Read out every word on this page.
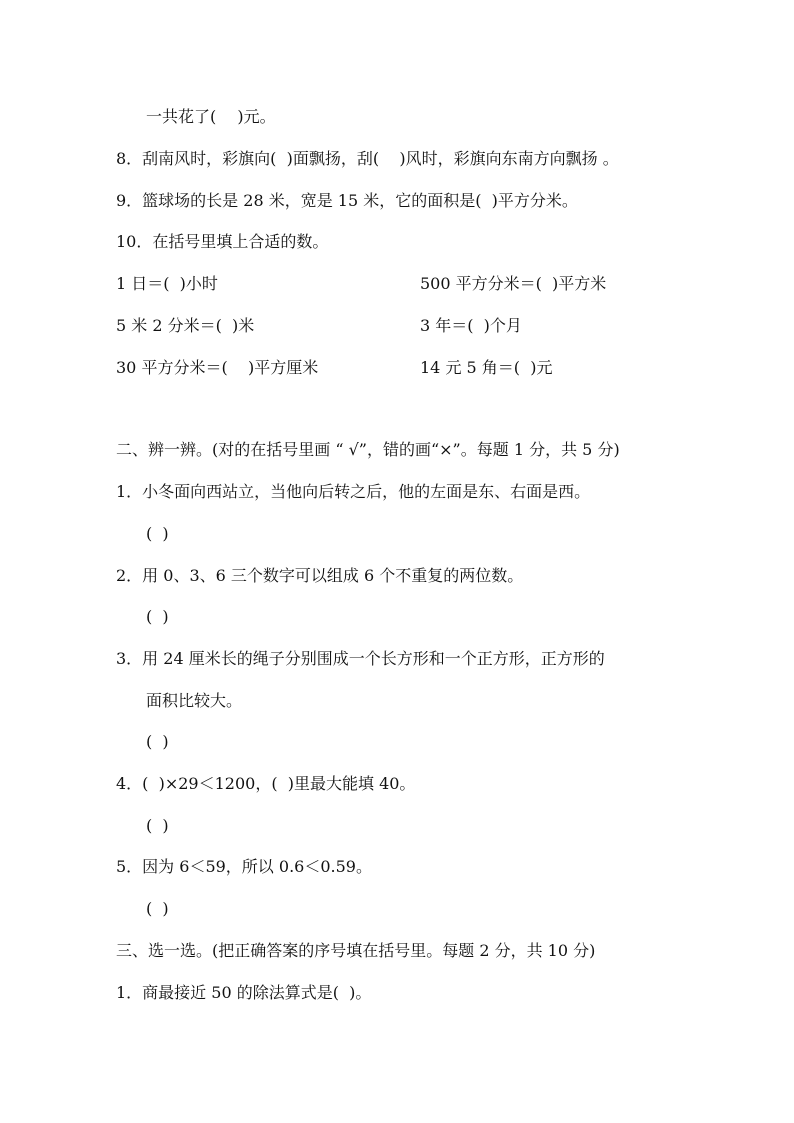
一共花了(　 )元。
8．刮南风时，彩旗向(  )面飘扬，刮(    )风时，彩旗向东南方向飘扬 。
9．篮球场的长是 28 米，宽是 15 米，它的面积是(  )平方分米。
10．在括号里填上合适的数。
1 日＝(  )小时	500 平方分米＝(  )平方米
5 米 2 分米＝(  )米	3 年＝(  )个月
30 平方分米＝(    )平方厘米	14 元 5 角＝(  )元
二、辨一辨。(对的在括号里画 “ √”，错的画“×”。每题 1 分，共 5 分)
1．小冬面向西站立，当他向后转之后，他的左面是东、右面是西。
(  )
2．用 0、3、6 三个数字可以组成 6 个不重复的两位数。
(  )
3．用 24 厘米长的绳子分别围成一个长方形和一个正方形，正方形的
面积比较大。
(  )
4．(  )×29＜1200，(  )里最大能填 40。
(  )
5．因为 6＜59，所以 0.6＜0.59。
(  )
三、选一选。(把正确答案的序号填在括号里。每题 2 分，共 10 分)
1．商最接近 50 的除法算式是(  )。
